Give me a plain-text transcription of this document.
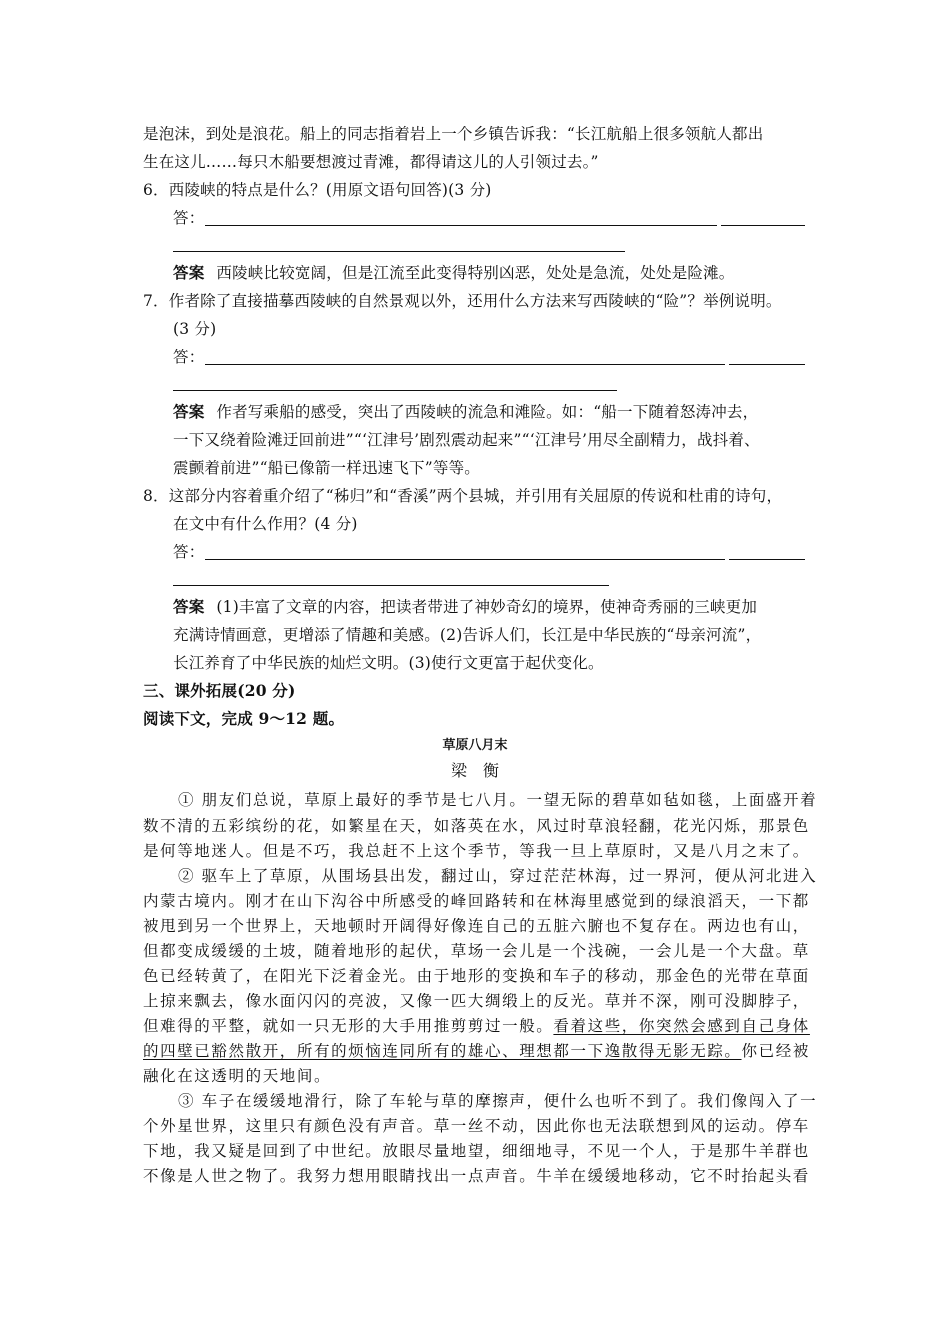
是泡沫，到处是浪花。船上的同志指着岩上一个乡镇告诉我：“长江航船上很多领航人都出
生在这儿……每只木船要想渡过青滩，都得请这儿的人引领过去。”
6．西陵峡的特点是什么？(用原文语句回答)(3 分)
答：
答案 西陵峡比较宽阔，但是江流至此变得特别凶恶，处处是急流，处处是险滩。
7．作者除了直接描摹西陵峡的自然景观以外，还用什么方法来写西陵峡的“险”？举例说明。
(3 分)
答：
答案 作者写乘船的感受，突出了西陵峡的流急和滩险。如：“船一下随着怒涛冲去，
一下又绕着险滩迂回前进”“‘江津号’剧烈震动起来”“‘江津号’用尽全副精力，战抖着、
震颤着前进”“船已像箭一样迅速飞下”等等。
8．这部分内容着重介绍了“秭归”和“香溪”两个县城，并引用有关屈原的传说和杜甫的诗句，
在文中有什么作用？(4 分)
答：
答案 (1)丰富了文章的内容，把读者带进了神妙奇幻的境界，使神奇秀丽的三峡更加
充满诗情画意，更增添了情趣和美感。(2)告诉人们，长江是中华民族的“母亲河流”，
长江养育了中华民族的灿烂文明。(3)使行文更富于起伏变化。
三、课外拓展(20 分)
阅读下文，完成 9～12 题。
草原八月末
梁　衡
① 朋友们总说，草原上最好的季节是七八月。一望无际的碧草如毡如毯，上面盛开着
数不清的五彩缤纷的花，如繁星在天，如落英在水，风过时草浪轻翻，花光闪烁，那景色
是何等地迷人。但是不巧，我总赶不上这个季节，等我一旦上草原时，又是八月之末了。
② 驱车上了草原，从围场县出发，翻过山，穿过茫茫林海，过一界河，便从河北进入
内蒙古境内。刚才在山下沟谷中所感受的峰回路转和在林海里感觉到的绿浪滔天，一下都
被甩到另一个世界上，天地顿时开阔得好像连自己的五脏六腑也不复存在。两边也有山，
但都变成缓缓的土坡，随着地形的起伏，草场一会儿是一个浅碗，一会儿是一个大盘。草
色已经转黄了，在阳光下泛着金光。由于地形的变换和车子的移动，那金色的光带在草面
上掠来飘去，像水面闪闪的亮波，又像一匹大绸缎上的反光。草并不深，刚可没脚脖子，
但难得的平整，就如一只无形的大手用推剪剪过一般。看着这些，你突然会感到自己身体
的四壁已豁然散开，所有的烦恼连同所有的雄心、理想都一下逸散得无影无踪。你已经被
融化在这透明的天地间。
③ 车子在缓缓地滑行，除了车轮与草的摩擦声，便什么也听不到了。我们像闯入了一
个外星世界，这里只有颜色没有声音。草一丝不动，因此你也无法联想到风的运动。停车
下地，我又疑是回到了中世纪。放眼尽量地望，细细地寻，不见一个人，于是那牛羊群也
不像是人世之物了。我努力想用眼睛找出一点声音。牛羊在缓缓地移动，它不时抬起头看
